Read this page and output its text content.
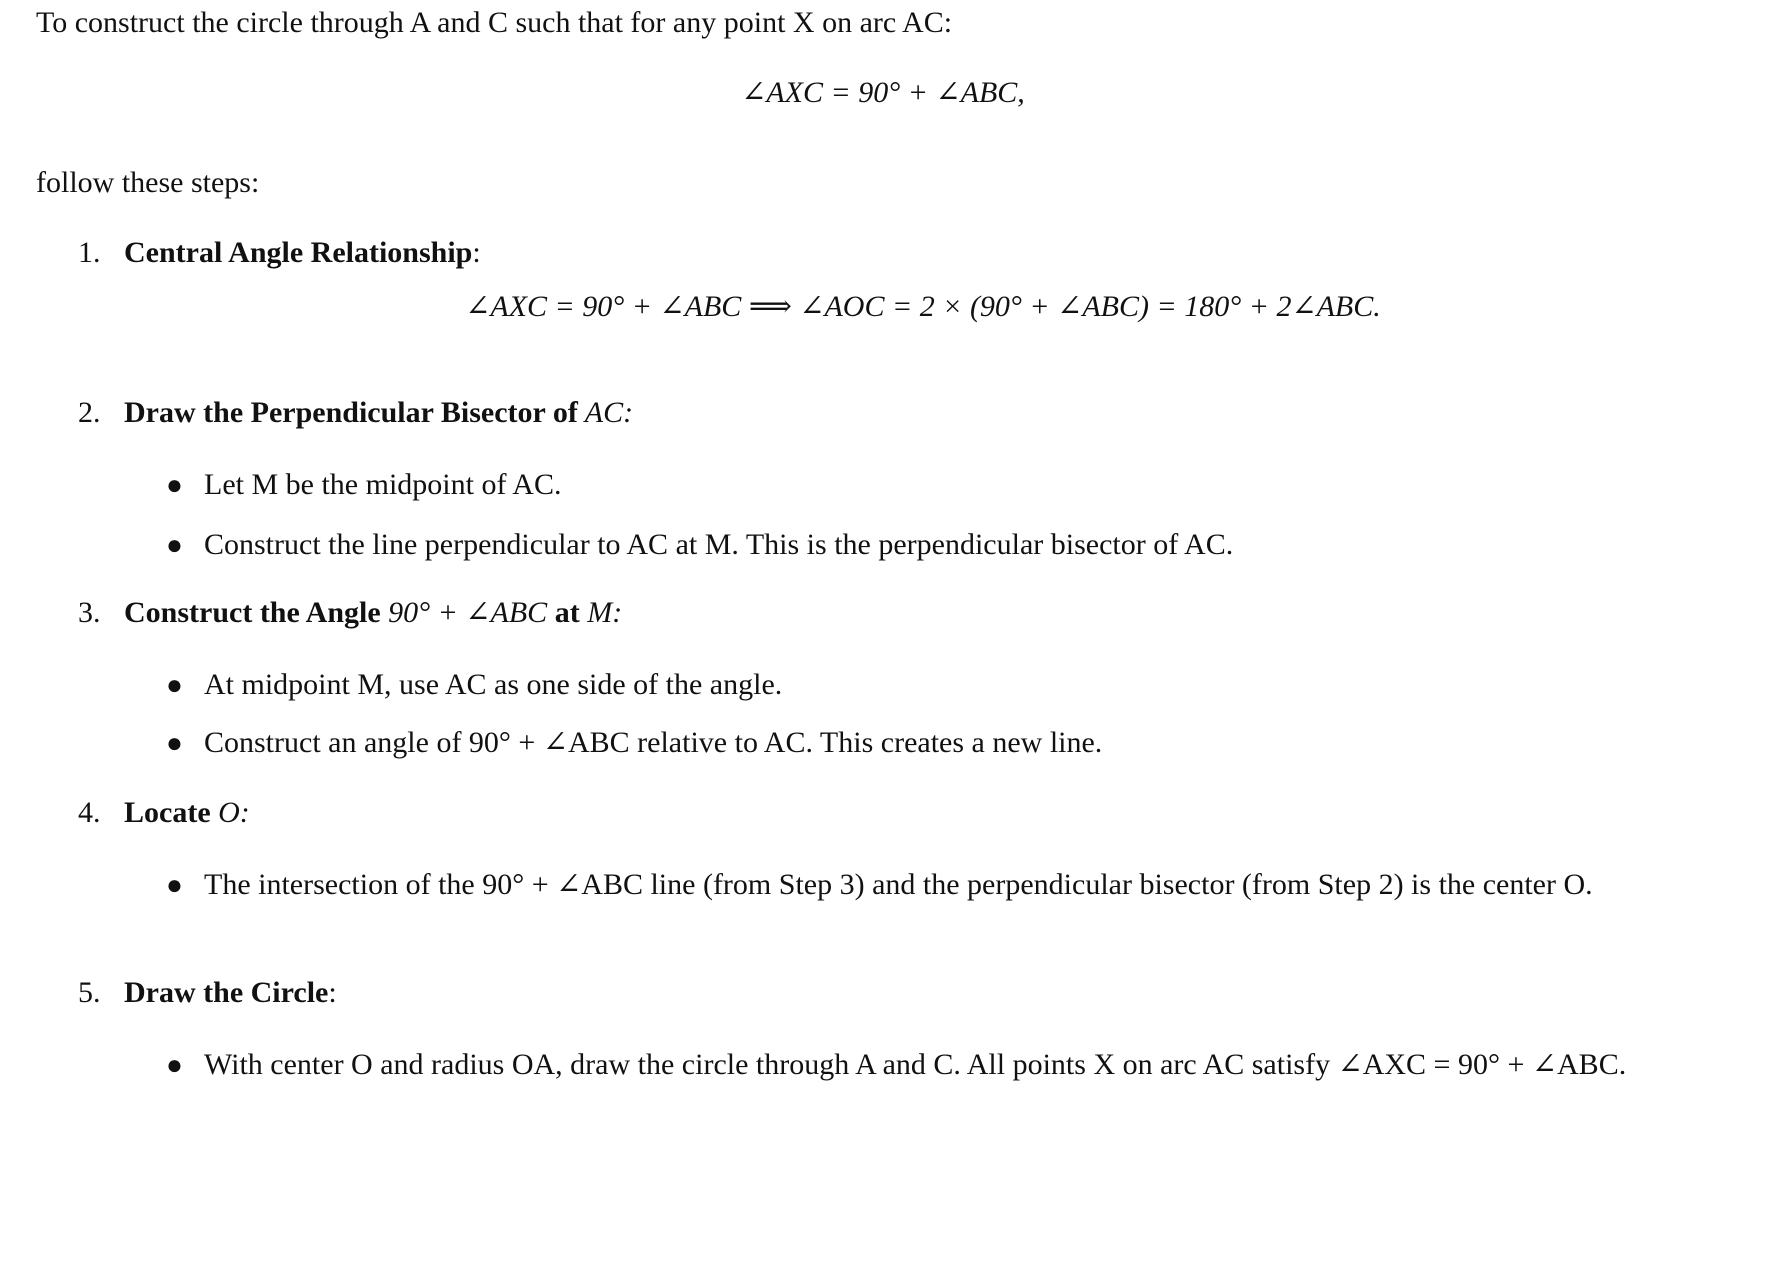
To construct the circle through A and C such that for any point X on arc AC:
∠AXC = 90° + ∠ABC,
follow these steps:
1. Central Angle Relationship:
∠AXC = 90° + ∠ABC ⟹ ∠AOC = 2 × (90° + ∠ABC) = 180° + 2∠ABC.
2. Draw the Perpendicular Bisector of AC:
● Let M be the midpoint of AC.
● Construct the line perpendicular to AC at M. This is the perpendicular bisector of AC.
3. Construct the Angle 90° + ∠ABC at M:
● At midpoint M, use AC as one side of the angle.
● Construct an angle of 90° + ∠ABC relative to AC. This creates a new line.
4. Locate O:
● The intersection of the 90° + ∠ABC line (from Step 3) and the perpendicular bisector (from Step 2) is the center O.
5. Draw the Circle:
● With center O and radius OA, draw the circle through A and C. All points X on arc AC satisfy ∠AXC = 90° + ∠ABC.
